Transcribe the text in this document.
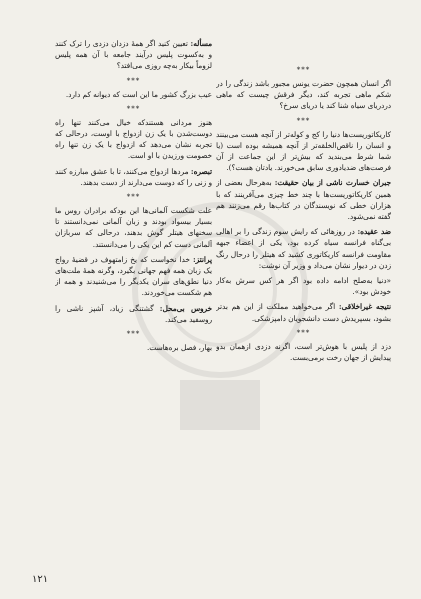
***

اگر انسان همچون حضرت یونس مجبور باشد زندگی را در شکم ماهی تجربه کند، دیگر فرقش چیست که ماهی دردریای سیاه شنا کند یا دریای سرخ؟

***

کاریکاتوریست‌ها دنیا را کج و کوله‌تر از آنچه هست می‌بینند و انسان را ناقص‌الخلقه‌تر از آنچه همیشه بوده است (یا شما شرط می‌بندید که بیش‌تر از این جماعت از آن فرصت‌های ضدیادوری سابق می‌خورند. یادتان هست؟).

جبران خسارت ناشی از بیان حقیقت: به‌هرحال بعضی از همین کاریکاتوریست‌ها با چند خط چیزی می‌آفرینند که با هزاران خطی که نویسندگان در کتاب‌ها رقم می‌زنند هم گفته نمی‌شود.

ضد عقیده: در روزهائی که رایش سوم زندگی را بر اهالی بی‌گناه فرانسه سیاه کرده بود، یکی از اعضاء جبهه مقاومت فرانسه کاریکاتوری کشید که هیتلر را درحال رنگ زدن در دیوار نشان می‌داد و وزیر آن نوشت:

«دنیا به‌صلح ادامه داده بود اگر هر کس سرش به‌کار خودش بود».

نتیجه غیراخلاقی: اگر می‌خواهید مملکت از این هم بدتر بشود، بسپریدش دست دانشجویان دامپزشکی.

***

دزد از پلیس با هوش‌تر است، اگرنه دزدی ازهمان بدو پیدایش از جهان رخت برمی‌بست.

مسأله: تعیین کنید اگر همهٔ دزدان دزدی را ترک کنند و به‌کسوت پلیس درآیند جامعه با آن همه پلیس لزوماً بیکار به‌چه روزی می‌افتد؟

***

عیب بزرگ کشور ما این است که دیوانه کم دارد.

***

هنوز مردانی هستندکه خیال می‌کنند تنها راه دوست‌شدن با یک زن ازدواج با اوست، درحالی که تجربه نشان می‌دهد که ازدواج با یک زن تنها راه خصومت ورزیدن با او است.

تبصره: مردها ازدواج می‌کنند، تا با عشق مبارزه کنند و زنی را که دوست می‌دارند از دست بدهند.

***

علت شکست آلمانی‌ها این بودکه برادران روس ما بسیار بیسواد بودند و زبان آلمانی نمی‌دانستند تا سخنهای هیتلر گوش بدهند، درحالی که سربازان آلمانی دست کم این یکی را می‌دانستند.

پرانتز: خدا نخواست که یخ زامتهوف در قضیهٔ رواج یک زبان همه فهم جهانی بگیرد، وگرنه همهٔ ملت‌های دنیا نطق‌های سران یکدیگر را می‌شنیدند و همه از هم شکست می‌خوردند.

خروس بی‌محل: گشتنگی زیاد، آشپز ناشی را روسفید می‌کند.

***

بهار، فصل بره‌هاست.

۱۲۱
